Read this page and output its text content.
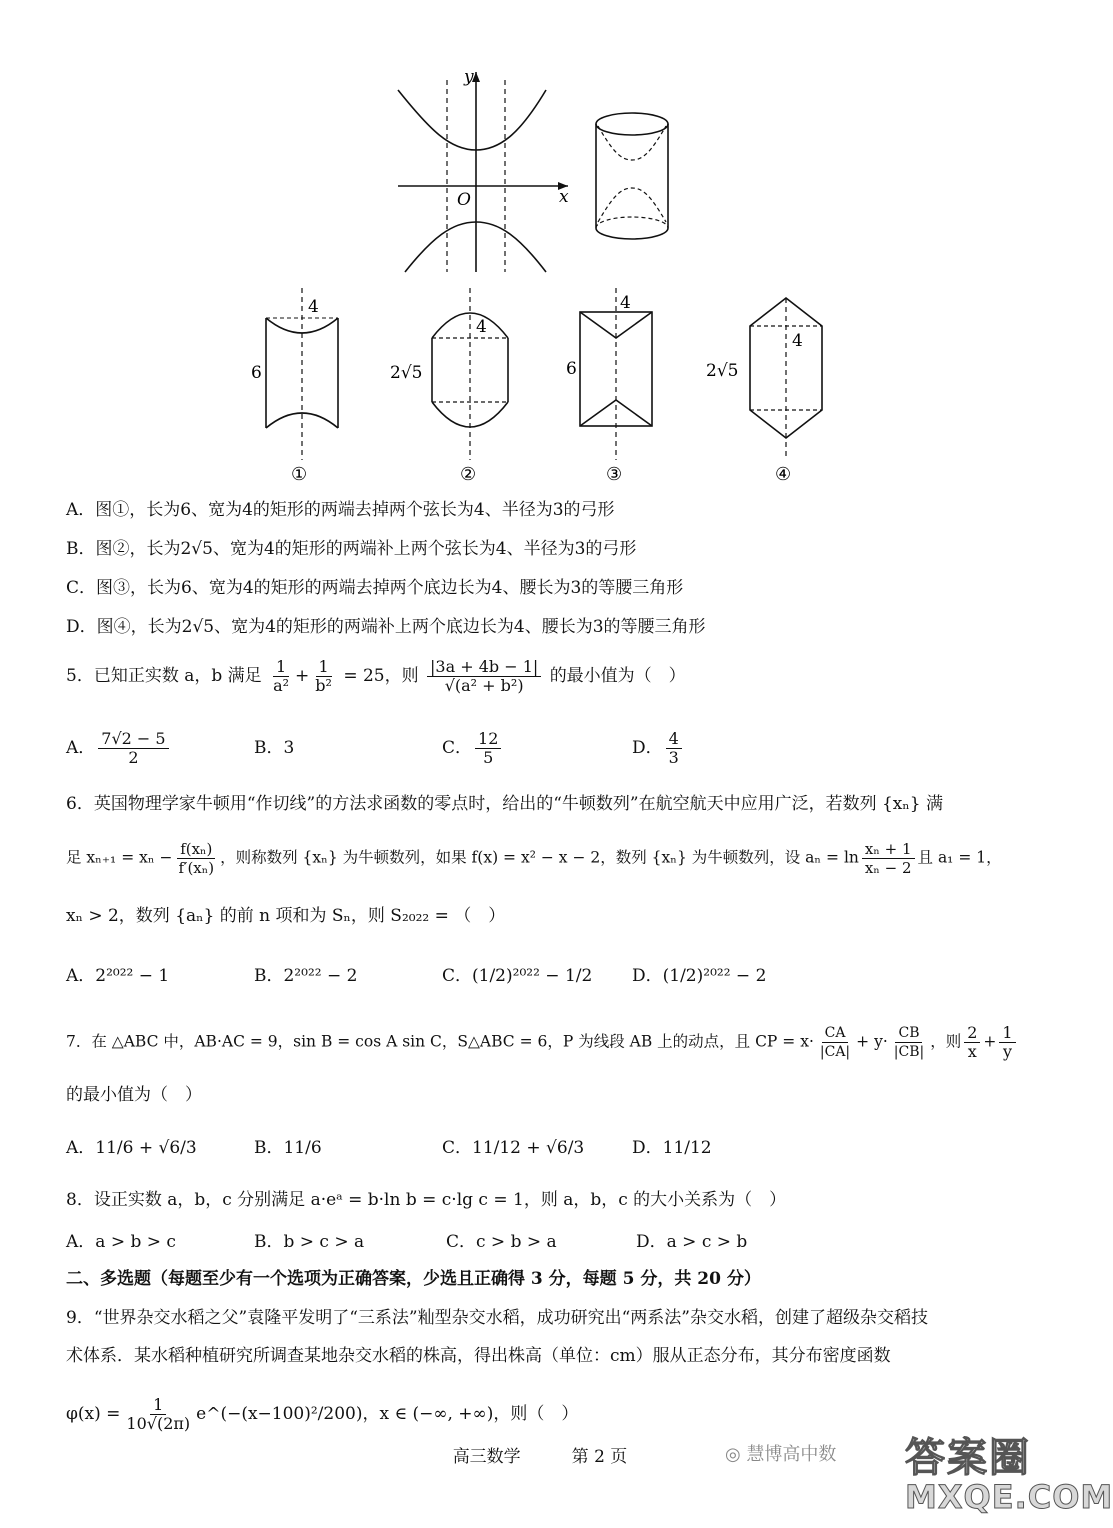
y
x
O
4
6
①
4
2√5
②
4
6
③
4
2√5
④
A．图①，长为6、宽为4的矩形的两端去掉两个弦长为4、半径为3的弓形
B．图②，长为2√5、宽为4的矩形的两端补上两个弦长为4、半径为3的弓形
C．图③，长为6、宽为4的矩形的两端去掉两个底边长为4、腰长为3的等腰三角形
D．图④，长为2√5、宽为4的矩形的两端补上两个底边长为4、腰长为3的等腰三角形
5．已知正实数 a，b 满足 $\frac{1}{\text{a²}} + \frac{1}{\text{b²}} = 25$，则 $\frac{|3a + 4b - 1|}{\text{√(a² + b²)}}$ 的最小值为（　）
A． $\frac{7√2 - 5}{2}$	B．3	C． $\frac{12}{5}$	D． $\frac{4}{3}$
6．英国物理学家牛顿用“作切线”的方法求函数的零点时，给出的“牛顿数列”在航空航天中应用广泛，若数列 {xₙ} 满
足 $x_{n+1} = x_n - \frac{\text{f(xₙ)}}{\text{f′(xₙ)}}$ ，则称数列 {xₙ} 为牛顿数列，如果 f(x) = x² − x − 2，数列 {xₙ} 为牛顿数列，设 $a_n = \ln \frac{\text{xₙ + 1}}{\text{xₙ − 2}}$ 且 a₁ = 1，
xₙ > 2，数列 {aₙ} 的前 n 项和为 Sₙ，则 S₂₀₂₂ = （　）
A．2²⁰²² − 1	B．2²⁰²² − 2	C．(1/2)²⁰²² − 1/2 D．(1/2)²⁰²² − 2
7．在 △ABC 中，AB·AC = 9，sin B = cos A sin C，S△ABC = 6，P 为线段 AB 上的动点，且 CP = $x\cdot \frac{CA}{|CA|} + y\cdot \frac{CB}{|CB|}$ ，则 $\frac{2}{x} + \frac{1}{y}$
的最小值为（　）
A．11/6 + √6/3	B．11/6	C．11/12 + √6/3	D．11/12
8．设正实数 a，b，c 分别满足 a·eᵃ = b·ln b = c·lg c = 1，则 a，b，c 的大小关系为（　）
A．a > b > c	B．b > c > a	C．c > b > a	D．a > c > b
二、多选题（每题至少有一个选项为正确答案，少选且正确得 3 分，每题 5 分，共 20 分）
9．“世界杂交水稻之父”袁隆平发明了“三系法”籼型杂交水稻，成功研究出“两系法”杂交水稻，创建了超级杂交稻技
术体系．某水稻种植研究所调查某地杂交水稻的株高，得出株高（单位：cm）服从正态分布，其分布密度函数
$\varphi(x) = \frac{1}{10√(2\pi)}$ e^(−(x−100)²/200)，x ∈ (−∞, +∞)，则（　）
高三数学　　　第 2 页	◎ 慧博高中数 答案圈
MXQE.COM
